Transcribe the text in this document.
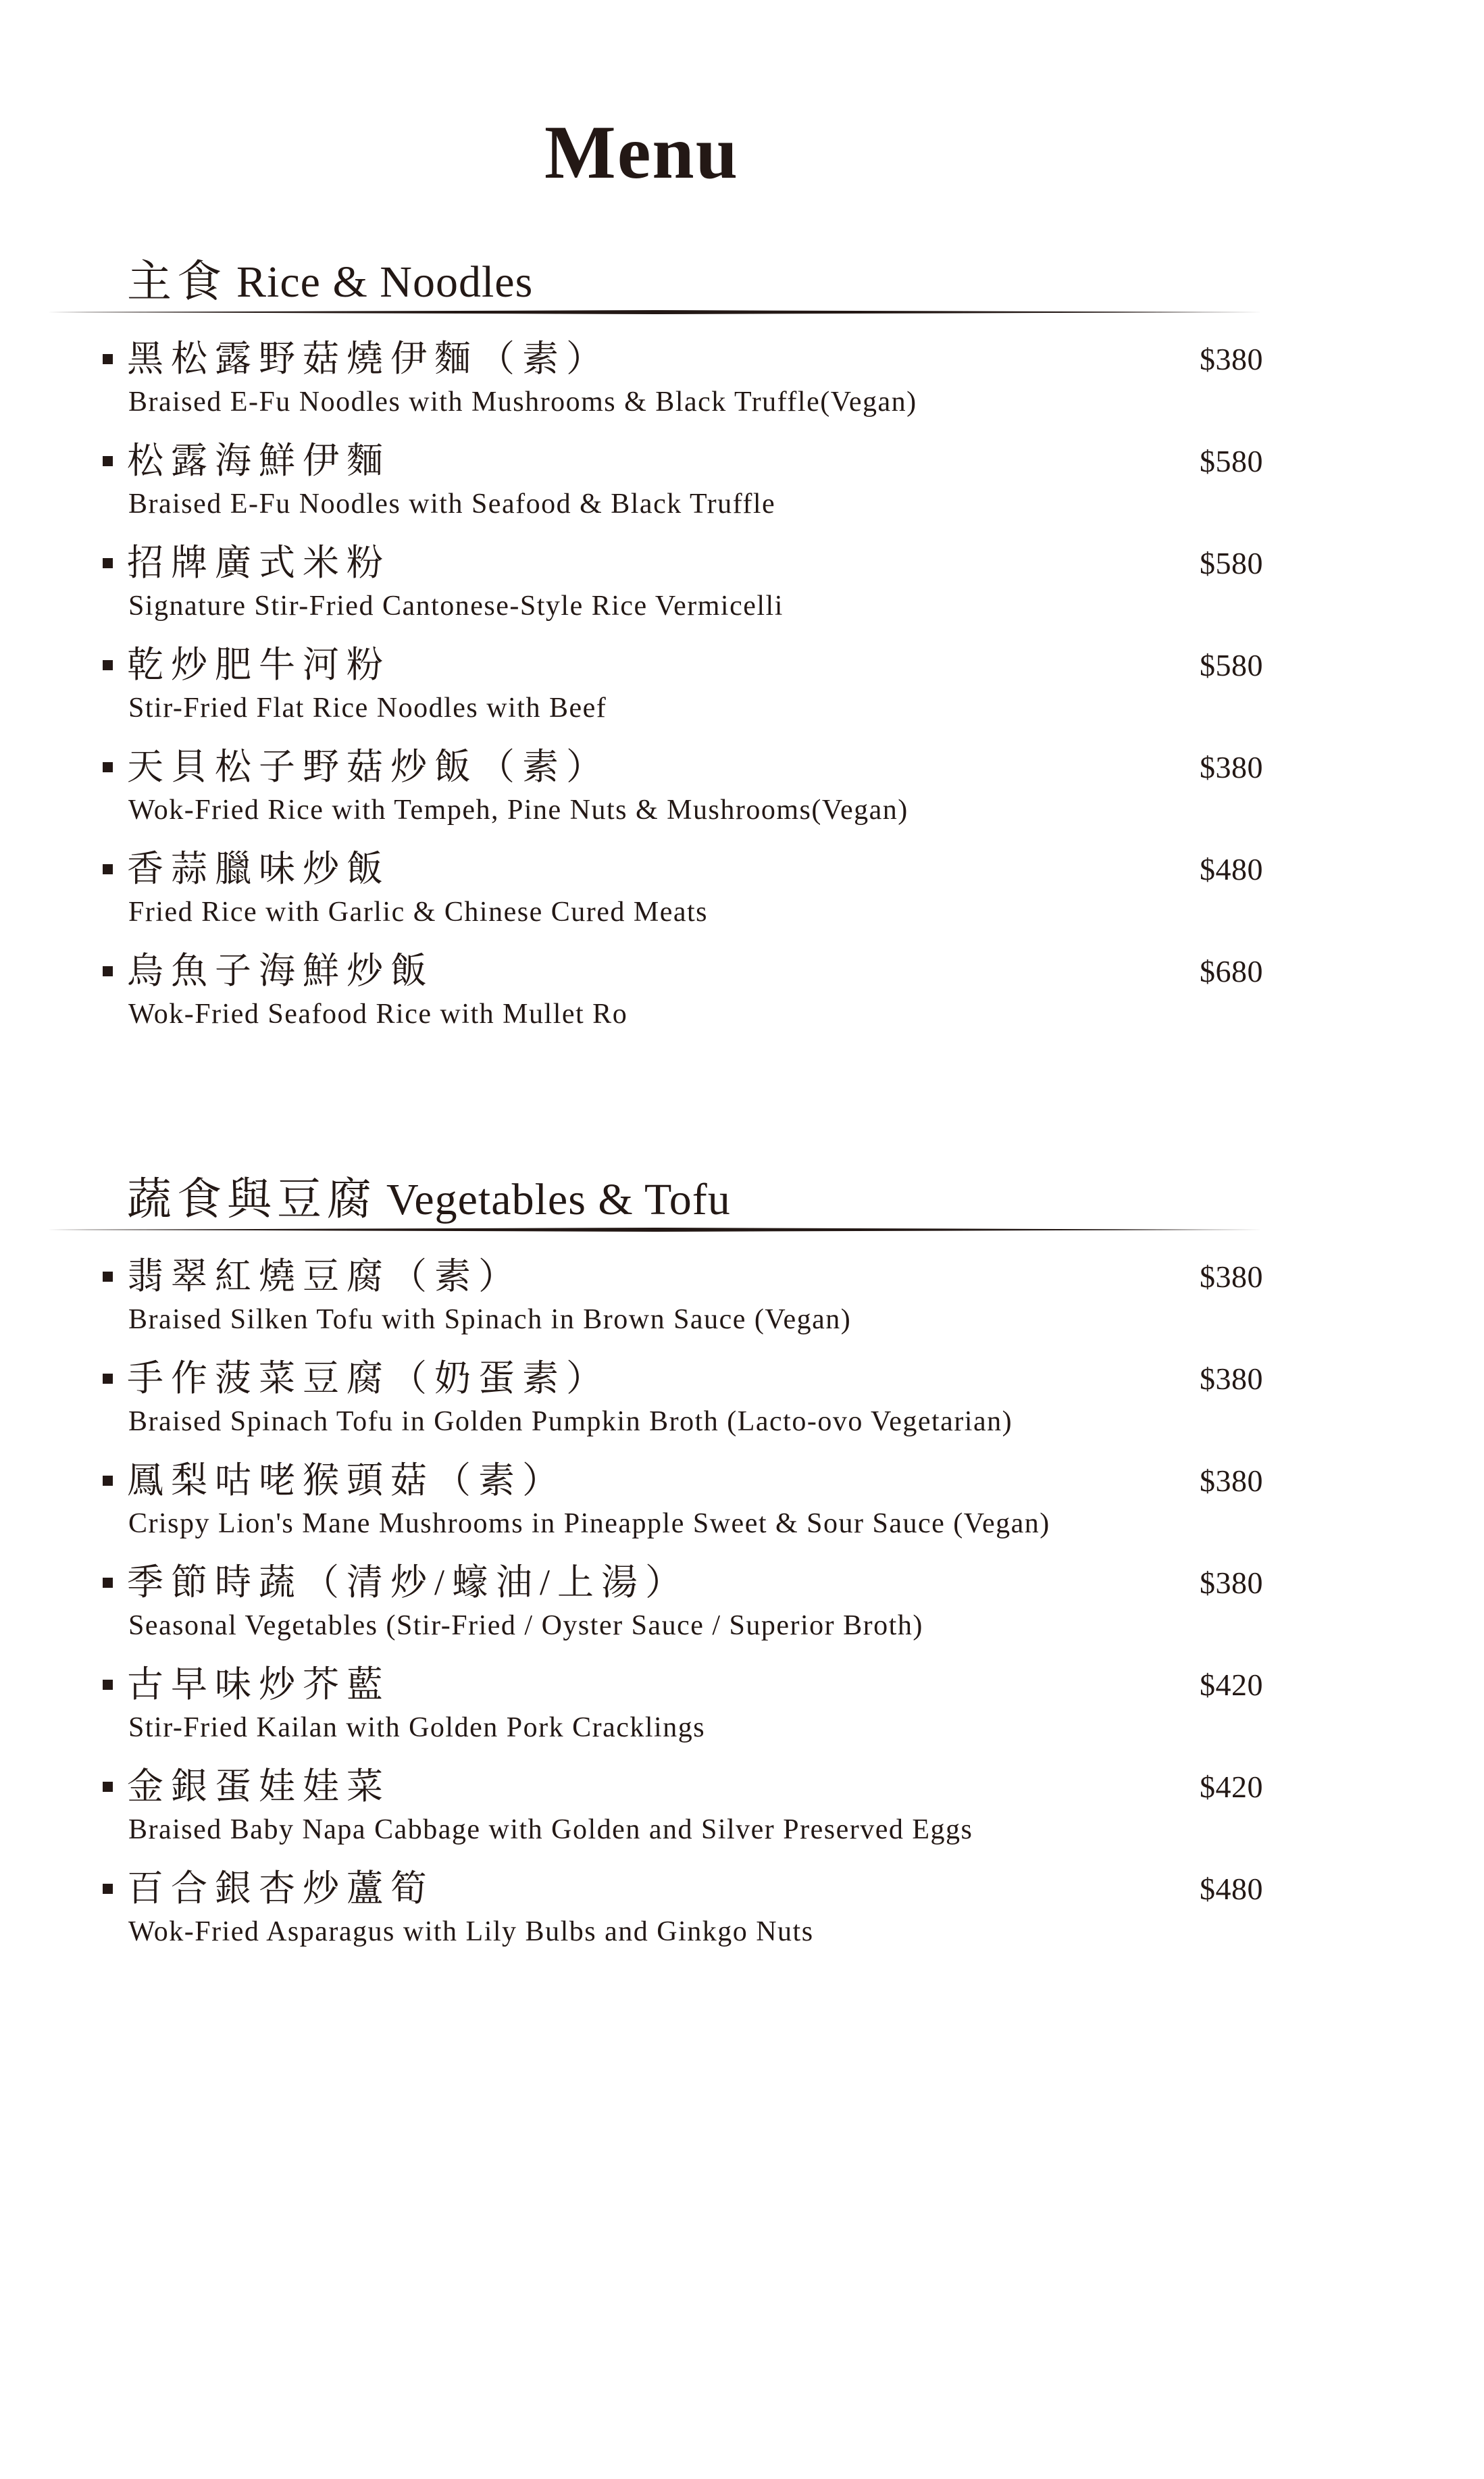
Menu
主食 Rice & Noodles
黑松露野菇燒伊麵（素）
Braised E-Fu Noodles with Mushrooms & Black Truffle(Vegan)
$380
松露海鮮伊麵
Braised E-Fu Noodles with Seafood & Black Truffle
$580
招牌廣式米粉
Signature Stir-Fried Cantonese-Style Rice Vermicelli
$580
乾炒肥牛河粉
Stir-Fried Flat Rice Noodles with Beef
$580
天貝松子野菇炒飯（素）
Wok-Fried Rice with Tempeh, Pine Nuts & Mushrooms(Vegan)
$380
香蒜臘味炒飯
Fried Rice with Garlic & Chinese Cured Meats
$480
烏魚子海鮮炒飯
Wok-Fried Seafood Rice with Mullet Ro
$680
蔬食與豆腐 Vegetables & Tofu
翡翠紅燒豆腐（素）
Braised Silken Tofu with Spinach in Brown Sauce (Vegan)
$380
手作菠菜豆腐（奶蛋素）
Braised Spinach Tofu in Golden Pumpkin Broth (Lacto-ovo Vegetarian)
$380
鳳梨咕咾猴頭菇（素）
Crispy Lion's Mane Mushrooms in Pineapple Sweet & Sour Sauce (Vegan)
$380
季節時蔬（清炒/蠔油/上湯）
Seasonal Vegetables (Stir-Fried / Oyster Sauce / Superior Broth)
$380
古早味炒芥藍
Stir-Fried Kailan with Golden Pork Cracklings
$420
金銀蛋娃娃菜
Braised Baby Napa Cabbage with Golden and Silver Preserved Eggs
$420
百合銀杏炒蘆筍
Wok-Fried Asparagus with Lily Bulbs and Ginkgo Nuts
$480
